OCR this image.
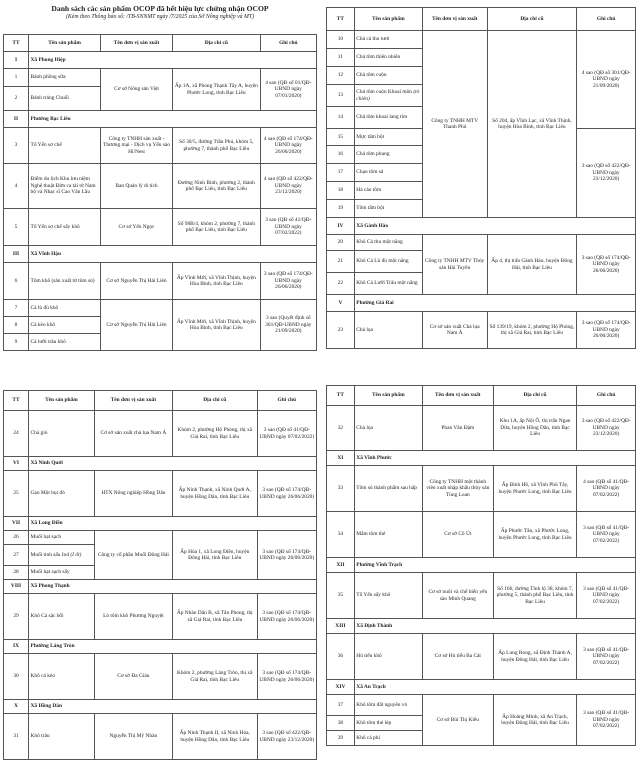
Danh sách các sản phẩm OCOP đã hết hiệu lực chứng nhận OCOP
(Kèm theo Thông báo số: /TB-SNNMT ngày /7/2025 của Sở Nông nghiệp và MT)
TT	Tên sản phẩm	Tên đơn vị sản xuất	Địa chỉ cũ	Ghi chú
I	Xã Phong Hiệp			
1	Bánh phồng sữa	Cơ sở Nông sản Việt	Ấp 1A, xã Phong Thạnh Tây A, huyện Phước Long, tỉnh Bạc Liêu	4 sao (QĐ số 01/QĐ-UBND ngày 07/01/2020)
2	Bánh tráng Chuối			
II	Phường Bạc Liêu			
3	Tổ Yến sơ chế	Công ty TNHH sản xuất - Thương mại - Dịch vụ Yến sào Hi/Nest	Số 30/5, đường Trần Phú, khóm 5, phường 7, thành phố Bạc Liêu	4 sao (QĐ số 174/QĐ-UBND ngày 26/06/2020)
4	Điểm du lịch Khu lưu niệm Nghệ thuật Đờn ca tài tử Nam bộ và Nhạc sĩ Cao Văn Lầu	Ban Quản lý di tích	Đường Ninh Bình, phường 2, thành phố Bạc Liêu, tỉnh Bạc Liêu	4 sao (QĐ số 422/QĐ-UBND ngày 23/12/2020)
5	Tổ Yến sơ chế sấy khô	Cơ sở Yến Ngọc	Số 98B/4, khóm 2, phường 7, thành phố Bạc Liêu, tỉnh Bạc Liêu	3 sao (QĐ số 41/QĐ-UBND ngày 07/02/2022)
III	Xã Vĩnh Hậu			
6	Tôm khô (sản xuất từ tôm sú)	Cơ sở Nguyễn Thị Hải Liên	Ấp Vĩnh Mới, xã Vĩnh Thịnh, huyện Hòa Bình, tỉnh Bạc Liêu	3 sao (QĐ số 174/QĐ-UBND ngày 26/06/2020)
7	Cá lù đù khô	Cơ sở Nguyễn Thị Hải Liên	Ấp Vĩnh Mới, xã Vĩnh Thịnh, huyện Hòa Bình, tỉnh Bạc Liêu	3 sao (Quyết định số 301/QĐ-UBND ngày 21/09/2020)
8	Cá kèo khô			
9	Cá lưỡi trâu khô			
TT	Tên sản phẩm	Tên đơn vị sản xuất	Địa chỉ cũ	Ghi chú
10	Chả cá thu tươi	Công ty TNHH MTV Thanh Phú	Số 204, ấp Vĩnh Lạc, xã Vĩnh Thịnh, huyện Hòa Bình, tỉnh Bạc Liêu	4 sao (QĐ số 301/QĐ-UBND ngày 21/09/2020)
11	Chả tôm thiên nhiên			
12	Chả tôm cuộn			
13	Chả tôm cuộn Khoai môn (tỏ chiên)			
14	Chả tôm khoai lang tím			
15	Mực tẩm bột			3 sao (QĐ số 422/QĐ-UBND ngày 23/12/2020)
16	Chả tôm phụng			
17	Chạo tôm sả			
18	Há cảo tôm			
19	Tôm tẩm bột			
IV	Xã Gành Hào			
20	Khô Cá thu một nắng	Công ty TNHH MTV Thủy sản Hải Tuyền	Ấp 4, thị trấn Gành Hào, huyện Đông Hải, tỉnh Bạc Liêu	3 sao (QĐ số 174/QĐ-UBND ngày 26/06/2020)
21	Khô Cá Lù đù một nắng			
22	Khô Cá Lưỡi Trâu một nắng			
V	Phường Giá Rai			
23	Chà lụa	Cơ sở sản xuất Chà lụa Nam Á	Số 139/19, khóm 2, phường Hộ Phòng, thị xã Giá Rai, tỉnh Bạc Liêu	3 sao (QĐ số 174/QĐ-UBND ngày 26/06/2020)
TT	Tên sản phẩm	Tên đơn vị sản xuất	Địa chỉ cũ	Ghi chú
24	Chà giò	Cơ sở sản xuất chà lụa Nam Á	Khóm 2, phường Hộ Phòng, thị xã Giá Rai, tỉnh Bạc Liêu	3 sao (QĐ số 41/QĐ-UBND ngày 07/02/2022)
VI	Xã Ninh Quới			
25	Gạo Một bụi đỏ	HTX Nông nghiệp Hồng Dân	Ấp Ninh Thạnh, xã Ninh Quới A, huyện Hồng Dân, tỉnh Bạc Liêu	3 sao (QĐ số 174/QĐ-UBND ngày 26/06/2020)
VII	Xã Long Điền			
26	Muối hạt sạch	Công ty cổ phần Muối Đông Hải	Ấp Hòa 1, xã Long Điền, huyện Đông Hải, tỉnh Bạc Liêu	3 sao (QĐ số 174/QĐ-UBND ngày 26/06/2020)
27	Muối tinh sấu Iod (I ốt)			
28	Muối hạt sạch sấy			
VIII	Xã Phong Thạnh			
29	Khô Cá sặc bổi	Lò tôm khô Phương Nguyệt	Ấp Nhàn Dân B, xã Tân Phong, thị xã Giá Rai, tỉnh Bạc Liêu	3 sao (QĐ số 174/QĐ-UBND ngày 26/06/2020)
IX	Phường Láng Tròn			
30	Khô cá kèo	Cơ sở Đa Giàu	Khóm 2, phường Láng Tròn, thị xã Giá Rai, tỉnh Bạc Liêu	3 sao (QĐ số 174/QĐ-UBND ngày 26/06/2020)
X	Xã Hồng Dân			
31	Khô trâu	Nguyễn Thị Mỹ Nhàn	Ấp Ninh Thạnh II, xã Ninh Hòa, huyện Hồng Dân, tỉnh Bạc Liêu	3 sao (QĐ số 422/QĐ-UBND ngày 23/12/2020)
TT	Tên sản phẩm	Tên đơn vị sản xuất	Địa chỉ cũ	Ghi chú
32	Chà lụa	Phan Văn Đậm	Khu 1A, ấp Nội Ô, thị trấn Ngan Dừa, huyện Hồng Dân, tỉnh Bạc Liêu	3 sao (QĐ số 422/QĐ-UBND ngày 23/12/2020)
XI	Xã Vĩnh Phước			
33	Tôm sú thành phẩm sau hấp	Công ty TNHH một thành viên xuất nhập khẩu thủy sản Tùng Loan	Ấp Bình Hồ, xã Vĩnh Phú Tây, huyện Phước Long, tỉnh Bạc Liêu	4 sao (QĐ số 41/QĐ-UBND ngày 07/02/2022)
34	Mắm tôm thẻ	Cơ sở Cô Út	Ấp Phước Tân, xã Phước Long, huyện Phước Long, tỉnh Bạc Liêu	3 sao (QĐ số 41/QĐ-UBND ngày 07/02/2022)
XII	Phường Vĩnh Trạch			
35	Tổ Yến sấy khô	Cơ sở nuôi và chế biến yến sào Minh Quang	Số 166, đường Tỉnh lộ 38, khóm 7, phường 5, thành phố Bạc Liêu, tỉnh Bạc Liêu	3 sao (QĐ số 41/QĐ-UBND ngày 07/02/2022)
XIII	Xã Định Thành			
36	Hủ tiếu khô	Cơ sở Hủ tiếu Ba Cát	Ấp Lung Rong, xã Định Thành A, huyện Đông Hải, tỉnh Bạc Liêu	3 sao (QĐ số 41/QĐ-UBND ngày 07/02/2022)
XIV	Xã An Trạch			
37	Khô tôm đất nguyên vỏ	Cơ sở Bùi Thị Kiều	Ấp Hoàng Minh, xã An Trạch, huyện Đông Hải, tỉnh Bạc Liêu	3 sao (QĐ số 41/QĐ-UBND ngày 07/02/2022)
38	Khô tôm thẻ lép			
39	Khô cá phi			
